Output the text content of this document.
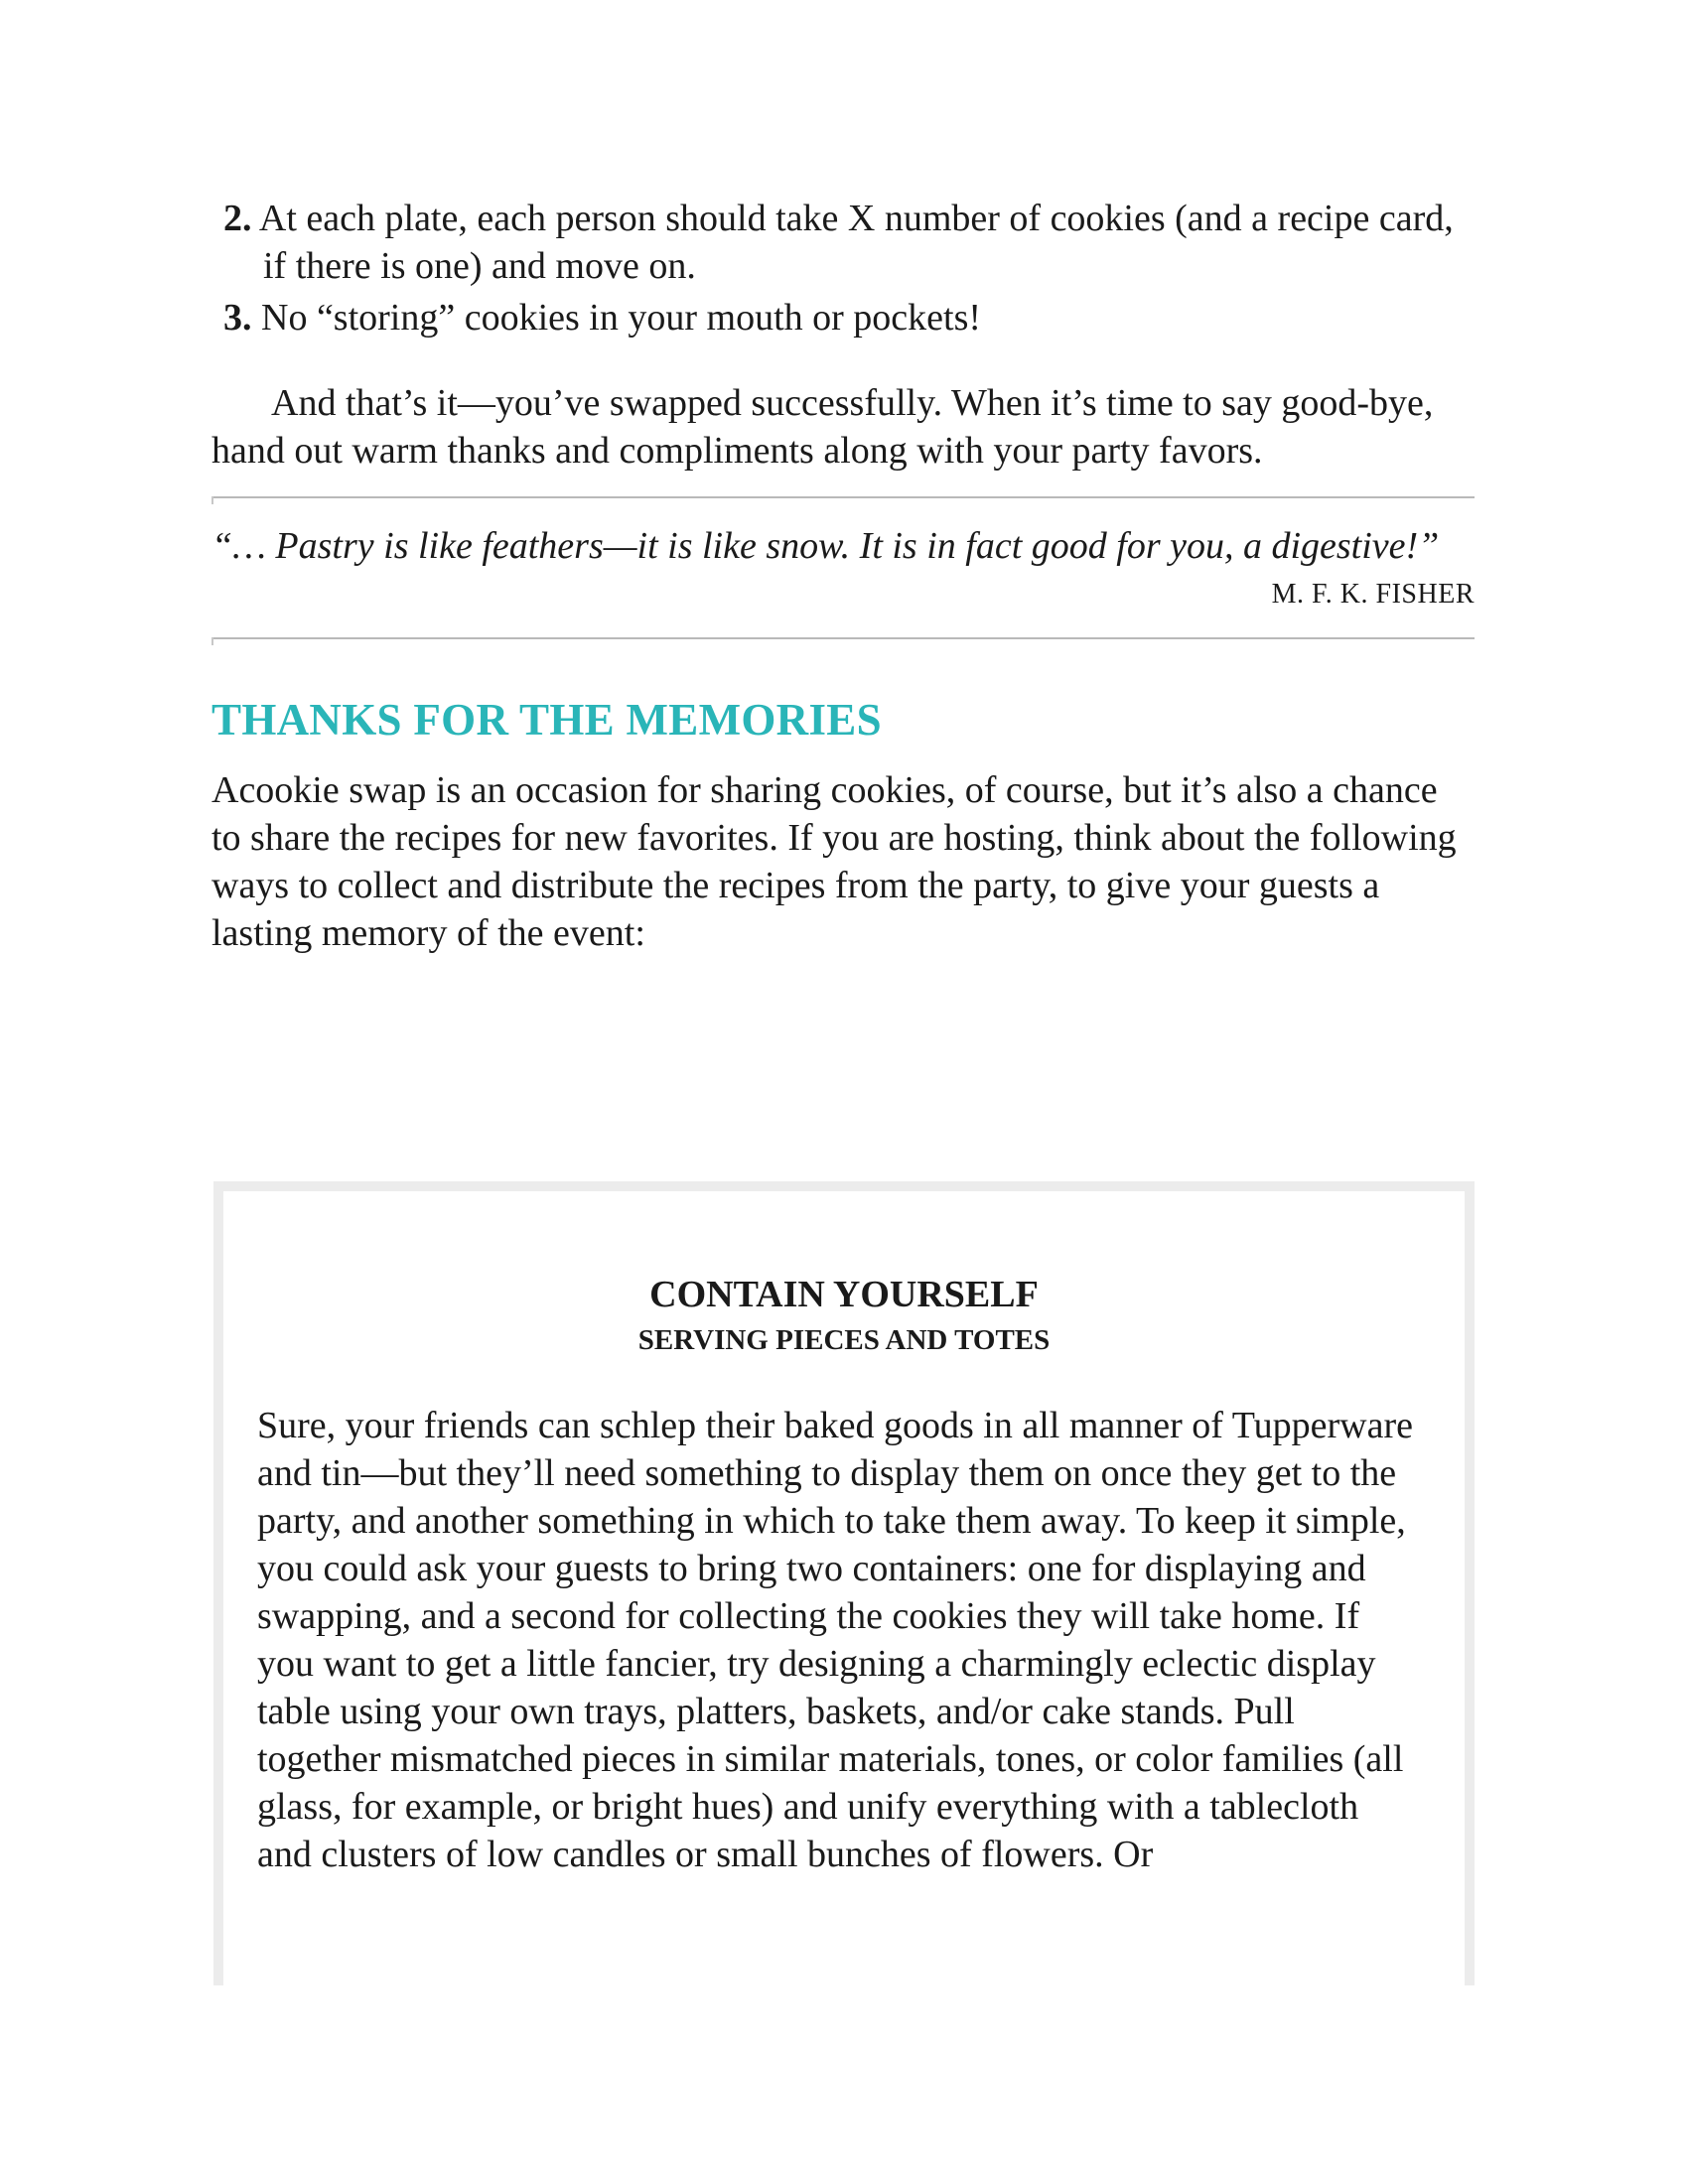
2. At each plate, each person should take X number of cookies (and a recipe card, if there is one) and move on.
3. No “storing” cookies in your mouth or pockets!

And that’s it—you’ve swapped successfully. When it’s time to say good-bye, hand out warm thanks and compliments along with your party favors.

“… Pastry is like feathers—it is like snow. It is in fact good for you, a digestive!”

M. F. K. FISHER

THANKS FOR THE MEMORIES

Acookie swap is an occasion for sharing cookies, of course, but it’s also a chance to share the recipes for new favorites. If you are hosting, think about the following ways to collect and distribute the recipes from the party, to give your guests a lasting memory of the event:

CONTAIN YOURSELF
SERVING PIECES AND TOTES

Sure, your friends can schlep their baked goods in all manner of Tupperware and tin—but they’ll need something to display them on once they get to the party, and another something in which to take them away. To keep it simple, you could ask your guests to bring two containers: one for displaying and swapping, and a second for collecting the cookies they will take home. If you want to get a little fancier, try designing a charmingly eclectic display table using your own trays, platters, baskets, and/or cake stands. Pull together mismatched pieces in similar materials, tones, or color families (all glass, for example, or bright hues) and unify everything with a tablecloth and clusters of low candles or small bunches of flowers. Or
